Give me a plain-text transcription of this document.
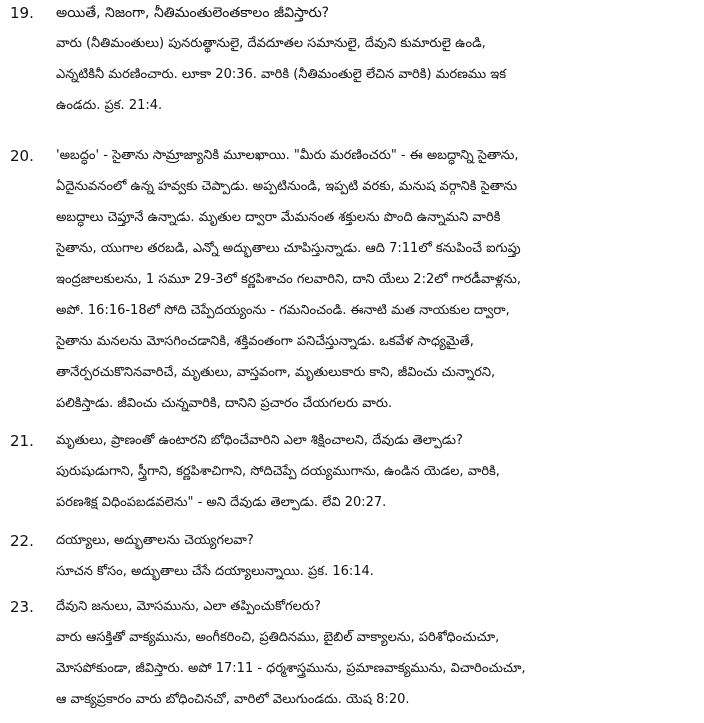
19. అయితే, నిజంగా, నీతిమంతులెంతకాలం జీవిస్తారు?
వారు (నీతిమంతులు) పునరుత్థానులై, దేవదూతల సమానులై, దేవుని కుమారులై ఉండి,
ఎన్నటికినీ మరణించారు. లూకా 20:36. వారికి (నీతిమంతులై లేచిన వారికి) మరణము ఇక
ఉండదు. ప్రక. 21:4.
20. 'అబద్ధం' - సైతాను సామ్రాజ్యానికి మూలఖాయి. "మీరు మరణించరు" - ఈ అబద్ధాన్ని సైతాను,
ఏదైనువనంలో ఉన్న హవ్వకు చెప్పాడు. అప్పటినుండి, ఇప్పటి వరకు, మనుష వర్గానికి సైతాను
అబద్ధాలు చెప్తూనే ఉన్నాడు. మృతుల ద్వారా మేమనంత శక్తులను పొంది ఉన్నామని వారికి
సైతాను, యుగాల తరబడి, ఎన్నో అద్భుతాలు చూపిస్తున్నాడు. ఆది 7:11లో కనుపించే ఐగుప్తు
ఇంద్రజాలకులను, 1 సమూ 29-3లో కర్ణపిశాచం గలవారిని, దాని యేలు 2:2లో గారడీవాళ్లను,
అపో. 16:16-18లో సోది చెప్పేదయ్యంను - గమనించండి. ఈనాటి మత నాయకుల ద్వారా,
సైతాను మనలను మోసగించడానికి, శక్తివంతంగా పనిచేస్తున్నాడు. ఒకవేళ సాధ్యమైతే,
తానేర్పరచుకొనినవారిచే, మృతులు, వాస్తవంగా, మృతులుకారు కాని, జీవించు చున్నారని,
పలికిస్తాడు. జీవించు చున్నవారికి, దానిని ప్రచారం చేయగలరు వారు.
21. మృతులు, ప్రాణంతో ఉంటారని బోధించేవారిని ఎలా శిక్షించాలని, దేవుడు తెల్పాడు?
పురుషుడుగాని, స్త్రీగాని, కర్ణపిశాచిగాని, సోదిచెప్పే దయ్యముగాను, ఉండిన యెడల, వారికి,
పరణశిక్ష విధింపబడవలెను" - అని దేవుడు తెల్పాడు. లేవి 20:27.
22. దయ్యాలు, అద్భుతాలను చెయ్యగలవా?
సూచన కోసం, అద్భుతాలు చేసే దయ్యాలున్నాయి. ప్రక. 16:14.
23. దేవుని జనులు, మోసమును, ఎలా తప్పించుకోగలరు?
వారు ఆసక్తితో వాక్యమును, అంగీకరించి, ప్రతిదినము, బైబిల్ వాక్యాలను, పరిశోధించుచూ,
మోసపోకుండా, జీవిస్తారు. అపో 17:11 - ధర్మశాస్త్రమును, ప్రమాణవాక్యమును, విచారించుచూ,
ఆ వాక్యప్రకారం వారు బోధించినచో, వారిలో వెలుగుండదు. యెష 8:20.
